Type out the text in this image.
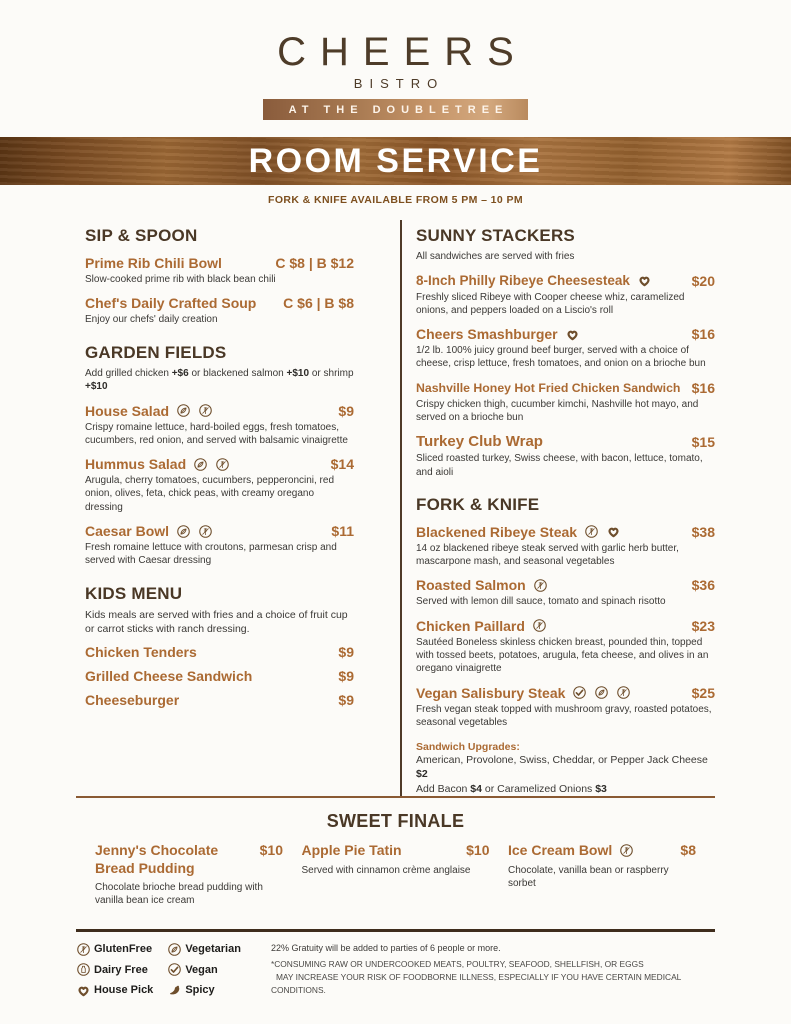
CHEERS
BISTRO
AT THE DOUBLETREE
ROOM SERVICE
FORK & KNIFE AVAILABLE FROM 5 PM – 10 PM
SIP & SPOON
Prime Rib Chili Bowl	C $8 | B $12
Slow-cooked prime rib with black bean chili
Chef's Daily Crafted Soup	C $6 | B $8
Enjoy our chefs' daily creation
GARDEN FIELDS
Add grilled chicken +$6 or blackened salmon +$10 or shrimp +$10
House Salad	$9
Crispy romaine lettuce, hard-boiled eggs, fresh tomatoes, cucumbers, red onion, and served with balsamic vinaigrette
Hummus Salad	$14
Arugula, cherry tomatoes, cucumbers, pepperoncini, red onion, olives, feta, chick peas, with creamy oregano dressing
Caesar Bowl	$11
Fresh romaine lettuce with croutons, parmesan crisp and served with Caesar dressing
KIDS MENU
Kids meals are served with fries and a choice of fruit cup or carrot sticks with ranch dressing.
Chicken Tenders	$9
Grilled Cheese Sandwich	$9
Cheeseburger	$9
SUNNY STACKERS
All sandwiches are served with fries
8-Inch Philly Ribeye Cheesesteak	$20
Freshly sliced Ribeye with Cooper cheese whiz, caramelized onions, and peppers loaded on a Liscio's roll
Cheers Smashburger	$16
1/2 lb. 100% juicy ground beef burger, served with a choice of cheese, crisp lettuce, fresh tomatoes, and onion on a brioche bun
Nashville Honey Hot Fried Chicken Sandwich $16
Crispy chicken thigh, cucumber kimchi, Nashville hot mayo, and served on a brioche bun
Turkey Club Wrap	$15
Sliced roasted turkey, Swiss cheese, with bacon, lettuce, tomato, and aioli
FORK & KNIFE
Blackened Ribeye Steak	$38
14 oz blackened ribeye steak served with garlic herb butter, mascarpone mash, and seasonal vegetables
Roasted Salmon	$36
Served with lemon dill sauce, tomato and spinach risotto
Chicken Paillard	$23
Sautéed Boneless skinless chicken breast, pounded thin, topped with tossed beets, potatoes, arugula, feta cheese, and olives in an oregano vinaigrette
Vegan Salisbury Steak	$25
Fresh vegan steak topped with mushroom gravy, roasted potatoes, seasonal vegetables
Sandwich Upgrades:
American, Provolone, Swiss, Cheddar, or Pepper Jack Cheese $2
Add Bacon $4 or Caramelized Onions $3
SWEET FINALE
Jenny's Chocolate Bread Pudding
$10
Chocolate brioche bread pudding with vanilla bean ice cream
Apple Pie Tatin	$10
Served with cinnamon crème anglaise
Ice Cream Bowl	$8
Chocolate, vanilla bean or raspberry sorbet
GlutenFree	Vegetarian
Dairy Free	Vegan
House Pick	Spicy
22% Gratuity will be added to parties of 6 people or more.
*CONSUMING RAW OR UNDERCOOKED MEATS, POULTRY, SEAFOOD, SHELLFISH, OR EGGS
MAY INCREASE YOUR RISK OF FOODBORNE ILLNESS, ESPECIALLY IF YOU HAVE CERTAIN MEDICAL CONDITIONS.
